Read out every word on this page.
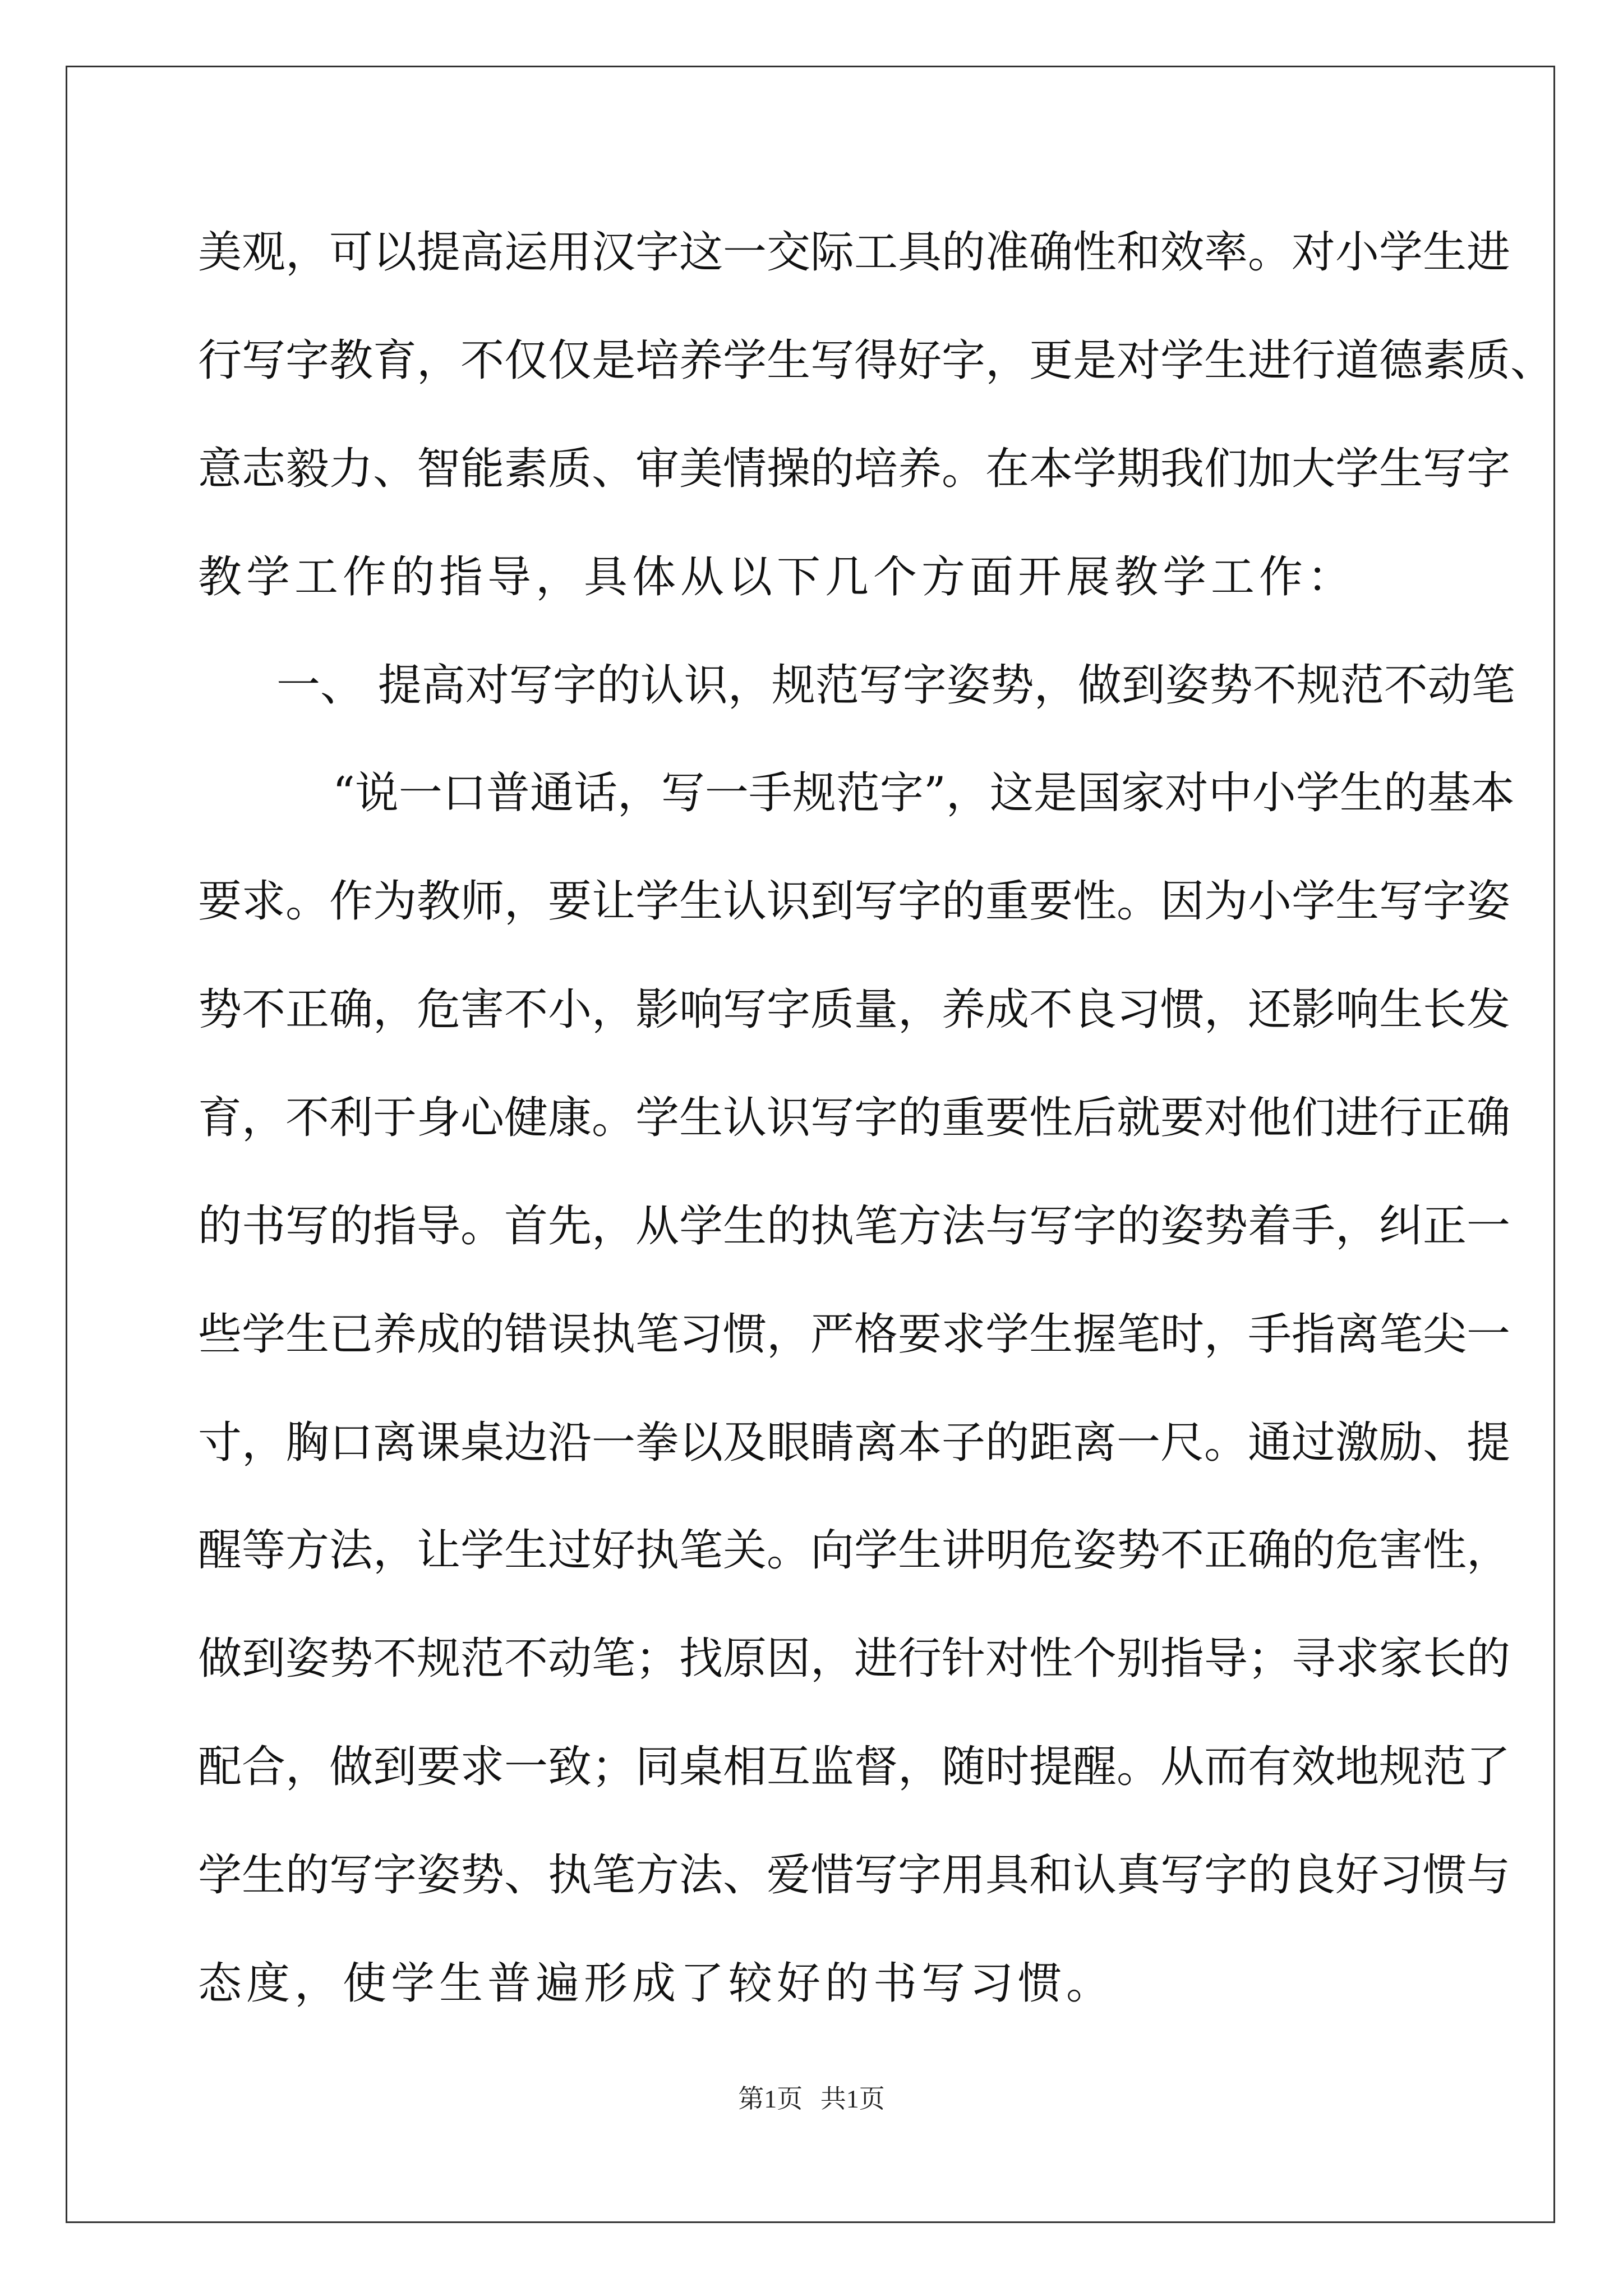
美观，可以提高运用汉字这一交际工具的准确性和效率。对小学生进
行写字教育，不仅仅是培养学生写得好字，更是对学生进行道德素质、
意志毅力、智能素质、审美情操的培养。在本学期我们加大学生写字
教学工作的指导，具体从以下几个方面开展教学工作：
一、 提高对写字的认识，规范写字姿势，做到姿势不规范不动笔
“说一口普通话，写一手规范字”，这是国家对中小学生的基本
要求。作为教师，要让学生认识到写字的重要性。因为小学生写字姿
势不正确，危害不小，影响写字质量，养成不良习惯，还影响生长发
育，不利于身心健康。学生认识写字的重要性后就要对他们进行正确
的书写的指导。首先，从学生的执笔方法与写字的姿势着手，纠正一
些学生已养成的错误执笔习惯，严格要求学生握笔时，手指离笔尖一
寸，胸口离课桌边沿一拳以及眼睛离本子的距离一尺。通过激励、提
醒等方法，让学生过好执笔关。向学生讲明危姿势不正确的危害性，
做到姿势不规范不动笔；找原因，进行针对性个别指导；寻求家长的
配合，做到要求一致；同桌相互监督，随时提醒。从而有效地规范了
学生的写字姿势、执笔方法、爱惜写字用具和认真写字的良好习惯与
态度，使学生普遍形成了较好的书写习惯。
第1页 共1页
